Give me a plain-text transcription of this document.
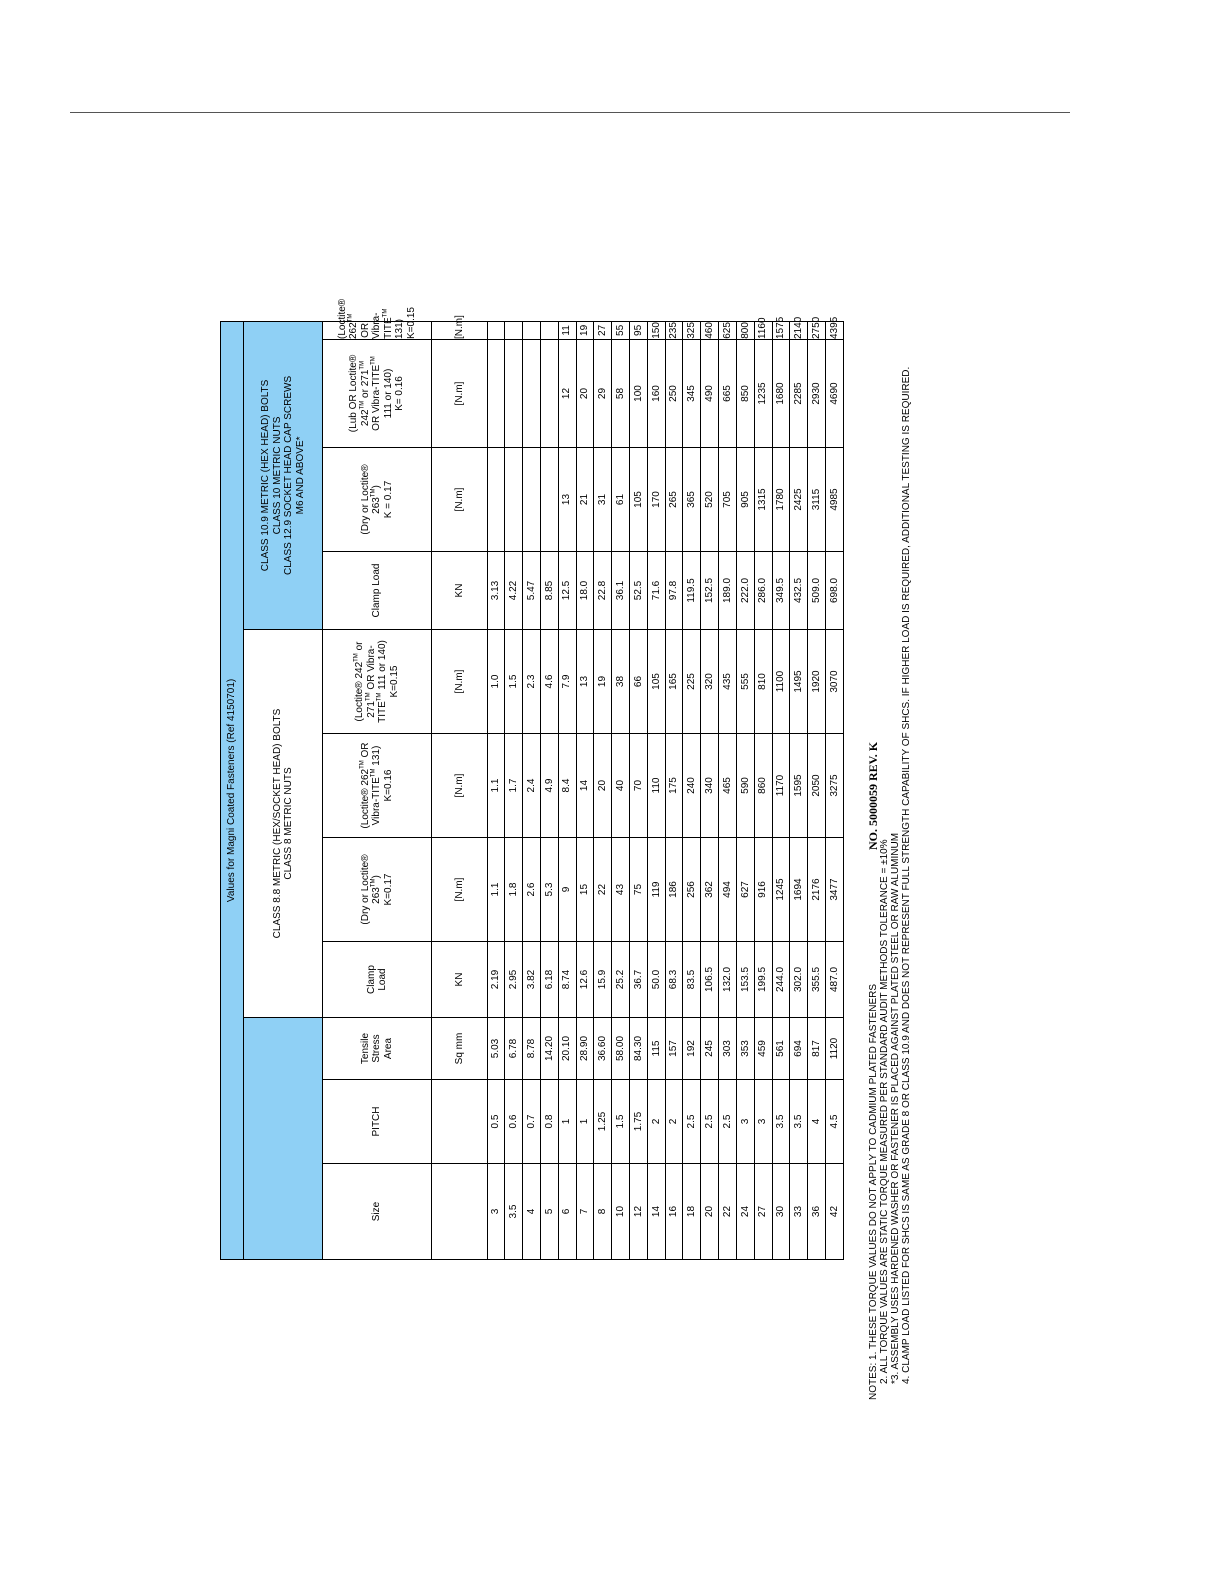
Values for Magni Coated Fasteners (Ref 4150701)										
			CLASS 8.8 METRIC (HEX/SOCKET HEAD) BOLTS
CLASS 8 METRIC NUTS				CLASS 10.9 METRIC (HEX HEAD) BOLTS
CLASS 10 METRIC NUTS
CLASS 12.9 SOCKET HEAD CAP SCREWS
M6 AND ABOVE*			
Size	PITCH	Tensile
Stress
Area	Clamp
Load	(Dry or Loctite®
263™)
K=0.17	(Loctite® 262™ OR
Vibra-TITE™ 131)
K=0.16	(Loctite® 242™ or
271™ OR Vibra-
TITE™ 111 or 140)
K=0.15	Clamp Load	(Dry or Loctite®
263™)
K = 0.17	(Lub OR Loctite®
242™ or 271™ OR Vibra-TITE™
111 or 140)
K= 0.16	(Loctite® 262™ OR
Vibra-TITE™ 131)
K=0.15
		Sq mm	KN	[N.m]	[N.m]	[N.m]	KN	[N.m]	[N.m]	[N.m]
3	0.5	5.03	2.19	1.1	1.1	1.0	3.13			
3.5	0.6	6.78	2.95	1.8	1.7	1.5	4.22			
4	0.7	8.78	3.82	2.6	2.4	2.3	5.47			
5	0.8	14.20	6.18	5.3	4.9	4.6	8.85			
6	1	20.10	8.74	9	8.4	7.9	12.5	13	12	11
7	1	28.90	12.6	15	14	13	18.0	21	20	19
8	1.25	36.60	15.9	22	20	19	22.8	31	29	27
10	1.5	58.00	25.2	43	40	38	36.1	61	58	55
12	1.75	84.30	36.7	75	70	66	52.5	105	100	95
14	2	115	50.0	119	110	105	71.6	170	160	150
16	2	157	68.3	186	175	165	97.8	265	250	235
18	2.5	192	83.5	256	240	225	119.5	365	345	325
20	2.5	245	106.5	362	340	320	152.5	520	490	460
22	2.5	303	132.0	494	465	435	189.0	705	665	625
24	3	353	153.5	627	590	555	222.0	905	850	800
27	3	459	199.5	916	860	810	286.0	1315	1235	1160
30	3.5	561	244.0	1245	1170	1100	349.5	1780	1680	1575
33	3.5	694	302.0	1694	1595	1495	432.5	2425	2285	2140
36	4	817	355.5	2176	2050	1920	509.0	3115	2930	2750
42	4.5	1120	487.0	3477	3275	3070	698.0	4985	4690	4395
NOTES: 1. THESE TORQUE VALUES DO NOT APPLY TO CADMIUM PLATED FASTENERS 2. ALL TORQUE VALUES ARE STATIC TORQUE MEASURED PER STANDARD AUDIT METHODS TOLERANCE = ±10% *3. ASSEMBLY USES HARDENED WASHER OR FASTENER IS PLACED AGAINST PLATED STEEL OR RAW ALUMINUM 4. CLAMP LOAD LISTED FOR SHCS IS SAME AS GRADE 8 OR CLASS 10.9 AND DOES NOT REPRESENT FULL STRENGTH CAPABILITY OF SHCS. IF HIGHER LOAD IS REQUIRED, ADDITIONAL TESTING IS REQUIRED.
NO. 5000059 REV. K
